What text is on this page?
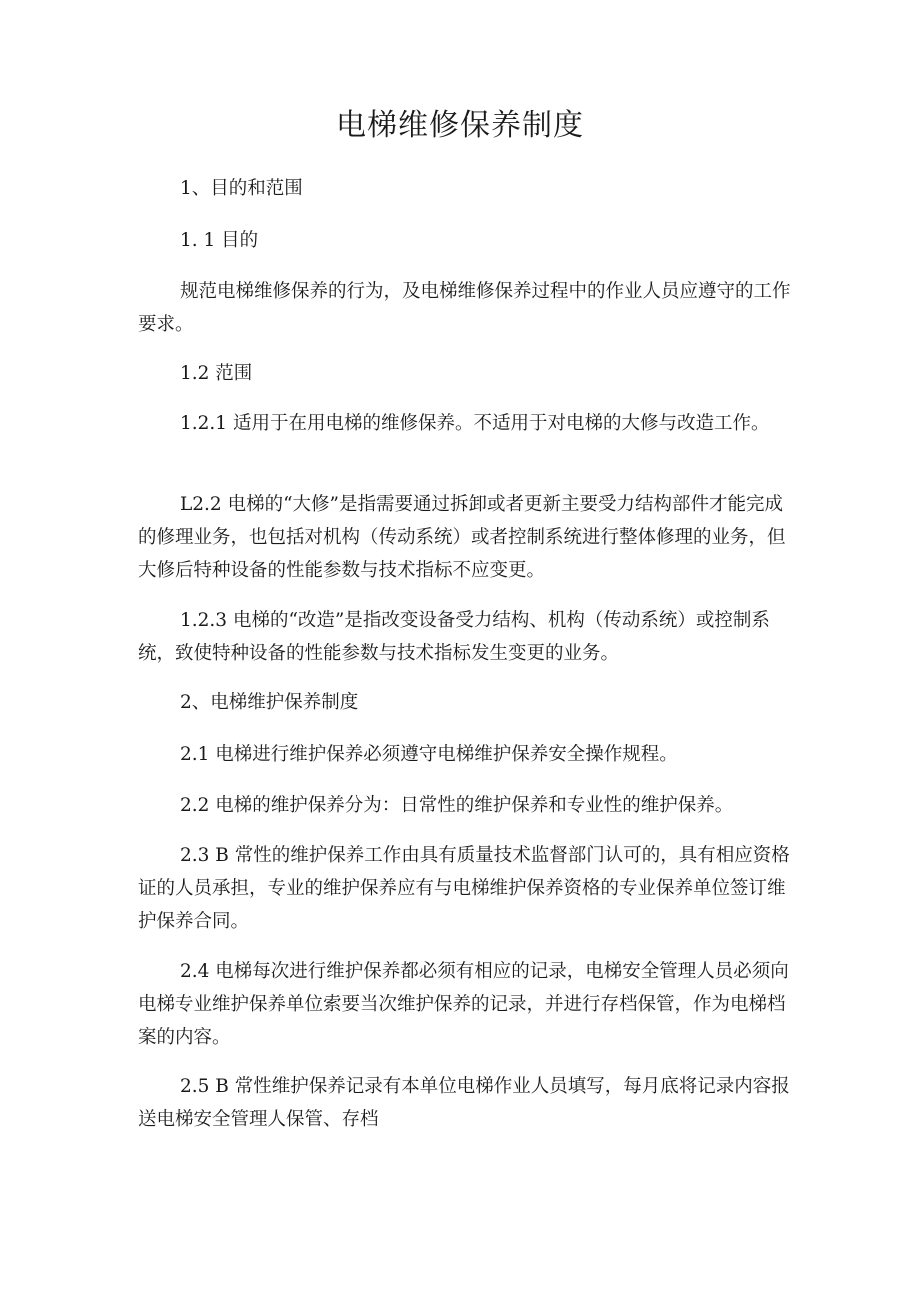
电梯维修保养制度
1、目的和范围
1. 1 目的
规范电梯维修保养的行为，及电梯维修保养过程中的作业人员应遵守的工作要求。
1.2 范围
1.2.1 适用于在用电梯的维修保养。不适用于对电梯的大修与改造工作。
L2.2 电梯的“大修”是指需要通过拆卸或者更新主要受力结构部件才能完成的修理业务，也包括对机构（传动系统）或者控制系统进行整体修理的业务，但大修后特种设备的性能参数与技术指标不应变更。
1.2.3 电梯的“改造”是指改变设备受力结构、机构（传动系统）或控制系统，致使特种设备的性能参数与技术指标发生变更的业务。
2、电梯维护保养制度
2.1 电梯进行维护保养必须遵守电梯维护保养安全操作规程。
2.2 电梯的维护保养分为：日常性的维护保养和专业性的维护保养。
2.3 B 常性的维护保养工作由具有质量技术监督部门认可的，具有相应资格证的人员承担，专业的维护保养应有与电梯维护保养资格的专业保养单位签订维护保养合同。
2.4 电梯每次进行维护保养都必须有相应的记录，电梯安全管理人员必须向电梯专业维护保养单位索要当次维护保养的记录，并进行存档保管，作为电梯档案的内容。
2.5 B 常性维护保养记录有本单位电梯作业人员填写，每月底将记录内容报送电梯安全管理人保管、存档
